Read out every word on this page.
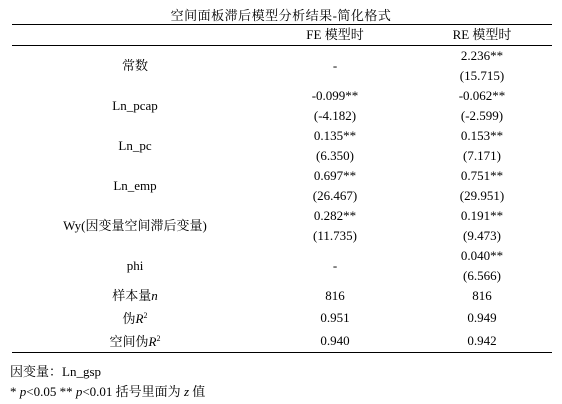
空间面板滞后模型分析结果-简化格式
	FE 模型时	RE 模型时
常数	-	2.236**
		(15.715)
Ln_pcap	-0.099**	-0.062**
	(-4.182)	(-2.599)
Ln_pc	0.135**	0.153**
	(6.350)	(7.171)
Ln_emp	0.697**	0.751**
	(26.467)	(29.951)
Wy(因变量空间滞后变量)	0.282**	0.191**
	(11.735)	(9.473)
phi	-	0.040**
		(6.566)
样本量n	816	816
伪$R^2$	0.951	0.949
空间伪$R^2$	0.940	0.942
因变量：Ln_gsp
* p<0.05 ** p<0.01 括号里面为 z 值
